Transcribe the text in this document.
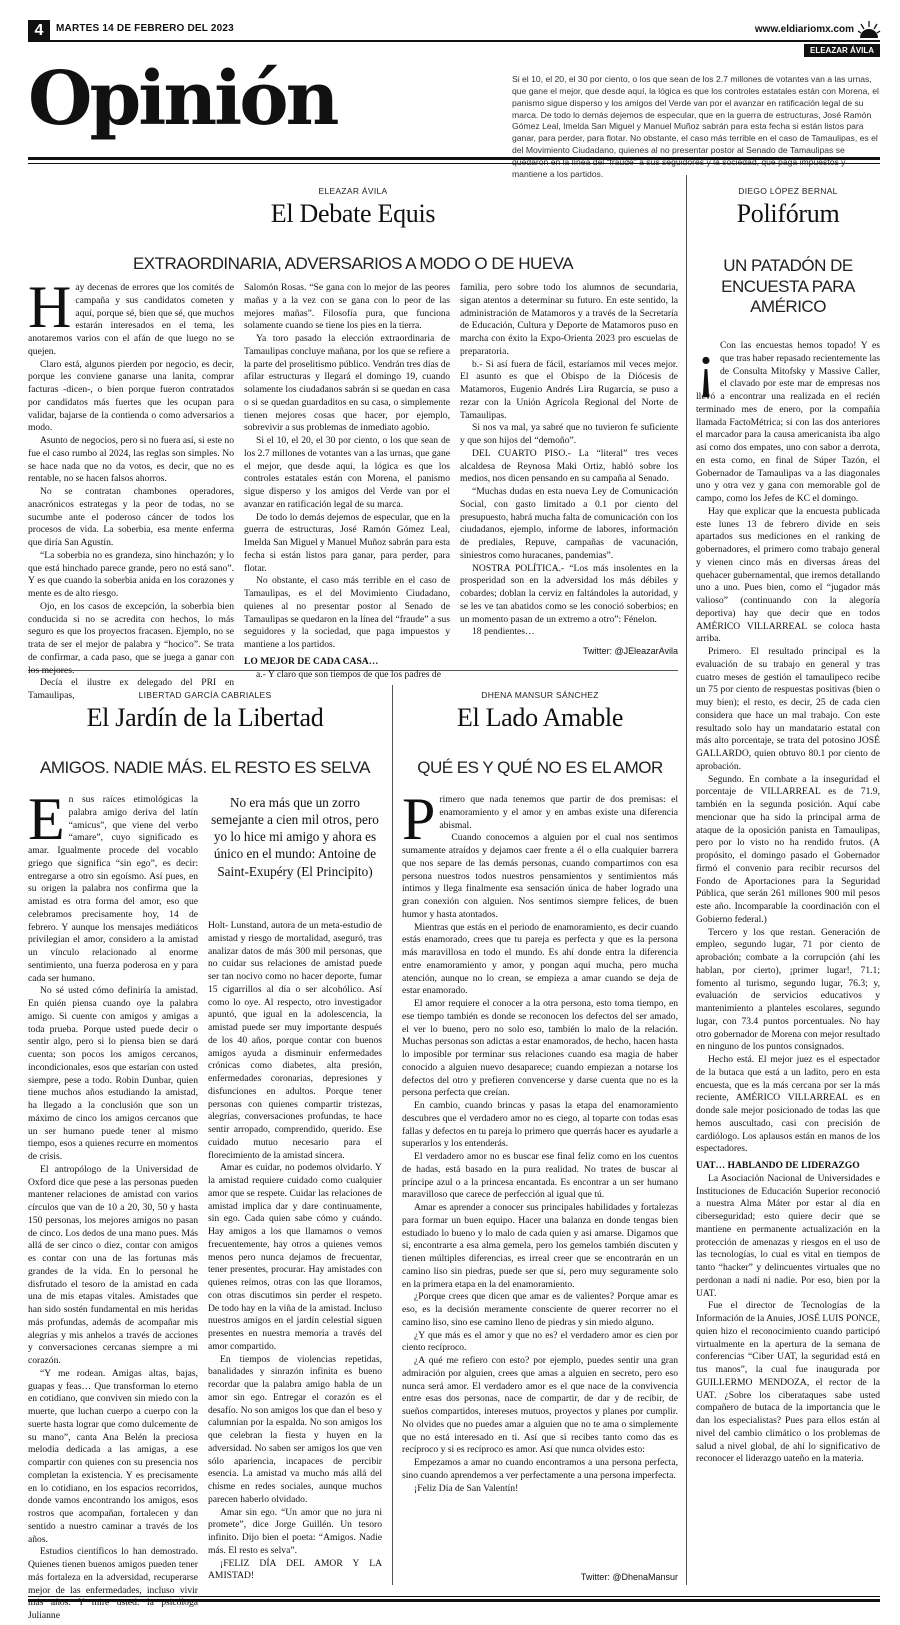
4	MARTES 14 DE FEBRERO DEL 2023	www.eldiariomx.com
ELEAZAR ÁVILA
Opinión	Si el 10, el 20, el 30 por ciento, o los que sean de los 2.7 millones de votantes van a las urnas, que gane el mejor, que desde aquí, la lógica es que los controles estatales están con Morena, el panismo sigue disperso y los amigos del Verde van por el avanzar en ratificación legal de su marca. De todo lo demás dejemos de especular, que en la guerra de estructuras, José Ramón Gómez Leal, Imelda San Miguel y Manuel Muñoz sabrán para esta fecha si están listos para ganar, para perder, para flotar. No obstante, el caso más terrible en el caso de Tamaulipas, es el del Movimiento Ciudadano, quienes al no presentar postor al Senado de Tamaulipas se mantiene a los partidos.
ELEAZAR ÁVILA
El Debate Equis
EXTRAORDINARIA, ADVERSARIOS A MODO O DE HUEVA
H ay decenas de errores que los comités de campaña y sus candidatos cometen y aquí, porque sé, bien que sé, que muchos estarán interesados en el tema, les anotaremos varios con el afán de que luego no se quejen.

Claro está, algunos pierden por negocio, es decir, porque les conviene ganarse una lanita, comprar facturas -dicen-, o bien porque fueron contratados por candidatos más fuertes que les ocupan para validar, bajarse de la contienda o como adversarios a modo.

Asunto de negocios, pero si no fuera así, si este no fue el caso rumbo al 2024, las reglas son simples. No se hace nada que no da votos, es decir, que no es rentable, no se hacen falsos ahorros.

No se contratan chambones operadores, anacrónicos estrategas y la peor de todas, no se sucumbe ante el poderoso cáncer de todos los procesos de vida. La soberbia, esa mente enferma que diría San Agustín.

“La soberbia no es grandeza, sino hinchazón; y lo que está hinchado parece grande, pero no está sano”. Y es que cuando la soberbia anida en los corazones y mente es de alto riesgo.

Ojo, en los casos de excepción, la soberbia bien conducida si no se acredita con hechos, lo más seguro es que los proyectos fracasen. Ejemplo, no se trata de ser el mejor de palabra y “hocico”. Se trata de confirmar, a cada paso, que se juega a ganar con los mejores.

Decía el ilustre ex delegado del PRI en Tamaulipas,

Salomón Rosas. “Se gana con lo mejor de las peores mañas y a la vez con se gana con lo peor de las mejores mañas”. Filosofía pura, que funciona solamente cuando se tiene los pies en la tierra.

Ya toro pasado la elección extraordinaria de Tamaulipas concluye mañana, por los que se refiere a la parte del proselitismo público. Vendrán tres días de afilar estructuras y llegará el domingo 19, cuando solamente los ciudadanos sabrán si se quedan en casa o si se quedan guardaditos en su casa, o simplemente tienen mejores cosas que hacer, por ejemplo, sobrevivir a sus problemas de inmediato agobio.

Si el 10, el 20, el 30 por ciento, o los que sean de los 2.7 millones de votantes van a las urnas, que gane el mejor, que desde aquí, la lógica es que los controles estatales están con Morena, el panismo sigue disperso y los amigos del Verde van por el avanzar en ratificación legal de su marca.

De todo lo demás dejemos de especular, que en la guerra de estructuras, José Ramón Gómez Leal, Imelda San Miguel y Manuel Muñoz sabrán para esta fecha si están listos para ganar, para perder, para flotar.

No obstante, el caso más terrible en el caso de Tamaulipas, es el del Movimiento Ciudadano, quienes al no presentar postor al Senado de Tamaulipas se quedaron en la línea del “fraude” a sus seguidores y la sociedad, que paga impuestos y mantiene a los partidos.

LO MEJOR DE CADA CASA…

a.- Y claro que son tiempos de que los padres de

familia, pero sobre todo los alumnos de secundaria, sigan atentos a determinar su futuro. En este sentido, la administración de Matamoros y a través de la Secretaría de Educación, Cultura y Deporte de Matamoros puso en marcha con éxito la Expo-Orienta 2023 pro escuelas de preparatoria.

b.- Si así fuera de fácil, estaríamos mil veces mejor. El asunto es que el Obispo de la Diócesis de Matamoros, Eugenio Andrés Lira Rugarcía, se puso a rezar con la Unión Agrícola Regional del Norte de Tamaulipas.

Si nos va mal, ya sabré que no tuvieron fe suficiente y que son hijos del “demoño”.

DEL CUARTO PISO.- La “literal” tres veces alcaldesa de Reynosa Maki Ortiz, habló sobre los medios, nos dicen pensando en su campaña al Senado.

“Muchas dudas en esta nueva Ley de Comunicación Social, con gasto limitado a 0.1 por ciento del presupuesto, habrá mucha falta de comunicación con los ciudadanos, ejemplo, informe de labores, información de prediales, Repuve, campañas de vacunación, siniestros como huracanes, pandemias”.

NOSTRA POLÍTICA.- “Los más insolentes en la prosperidad son en la adversidad los más débiles y cobardes; doblan la cerviz en faltándoles la autoridad, y se les ve tan abatidos como se les conoció soberbios; en un momento pasan de un extremo a otro”: Fénelon.

18 pendientes…

Twitter: @JEleazarAvila
DIEGO LÓPEZ BERNAL
Polifórum
UN PATADÓN DE ENCUESTA PARA AMÉRICO
¡ Con las encuestas hemos topado! Y es que tras haber repasado recientemente las de Consulta Mitofsky y Massive Caller, el clavado por este mar de empresas nos llevó a encontrar una realizada en el recién terminado mes de enero, por la compañía llamada FactoMétrica; si con las dos anteriores el marcador para la causa americanista iba algo así como dos empates, uno con sabor a derrota, en esta como, en final de Súper Tazón, el Gobernador de Tamaulipas va a las diagonales uno y otra vez y gana con memorable gol de campo, como los Jefes de KC el domingo.

Hay que explicar que la encuesta publicada este lunes 13 de febrero divide en seis apartados sus mediciones en el ranking de gobernadores, el primero como trabajo general y vienen cinco más en diversas áreas del quehacer gubernamental, que iremos detallando uno a uno. Pues bien, como el “jugador más valioso” (continuando con la alegoría deportiva) hay que decir que en todos AMÉRICO VILLARREAL se coloca hasta arriba.

Primero. El resultado principal es la evaluación de su trabajo en general y tras cuatro meses de gestión el tamaulipeco recibe un 75 por ciento de respuestas positivas (bien o muy bien); el resto, es decir, 25 de cada cien considera que hace un mal trabajo. Con este resultado solo hay un mandatario estatal con más alto porcentaje, se trata del potosino JOSÉ GALLARDO, quien obtuvo 80.1 por ciento de aprobación.

Segundo. En combate a la inseguridad el porcentaje de VILLARREAL es de 71.9, también en la segunda posición. Aquí cabe mencionar que ha sido la principal arma de ataque de la oposición panista en Tamaulipas, pero por lo visto no ha rendido frutos. (A propósito, el domingo pasado el Gobernador firmó el convenio para recibir recursos del Fondo de Aportaciones para la Seguridad Pública, que serán 261 millones 900 mil pesos este año. Incomparable la coordinación con el Gobierno federal.)

Tercero y los que restan. Generación de empleo, segundo lugar, 71 por ciento de aprobación; combate a la corrupción (ahí les hablan, por cierto), ¡primer lugar!, 71.1; fomento al turismo, segundo lugar, 76.3; y, evaluación de servicios educativos y mantenimiento a planteles escolares, segundo lugar, con 73.4 puntos porcentuales. No hay otro gobernador de Morena con mejor resultado en ninguno de los puntos consignados.

Hecho está. El mejor juez es el espectador de la butaca que está a un ladito, pero en esta encuesta, que es la más cercana por ser la más reciente, AMÉRICO VILLARREAL es en donde sale mejor posicionado de todas las que hemos auscultado, casi con precisión de cardiólogo. Los aplausos están en manos de los espectadores.

UAT… HABLANDO DE LIDERAZGO

La Asociación Nacional de Universidades e Instituciones de Educación Superior reconoció a nuestra Alma Máter por estar al día en ciberseguridad; esto quiere decir que se mantiene en permanente actualización en la protección de amenazas y riesgos en el uso de las tecnologías, lo cual es vital en tiempos de tanto “hacker” y delincuentes virtuales que no perdonan a nadi ni nadie. Por eso, bien por la UAT.

Fue el director de Tecnologías de la Información de la Anuies, JOSÉ LUIS PONCE, quien hizo el reconocimiento cuando participó virtualmente en la apertura de la semana de conferencias “Ciber UAT, la seguridad está en tus manos”, la cual fue inaugurada por GUILLERMO MENDOZA, el rector de la UAT. ¿Sobre los ciberataques sabe usted compañero de butaca de la importancia que le dan los especialistas? Pues para ellos están al nivel del cambio climático o los problemas de salud a nivel global, de ahí lo significativo de reconocer el liderazgo uateño en la materia.

LIBERTAD GARCÍA CABRIALES
El Jardín de la Libertad
AMIGOS. NADIE MÁS. EL RESTO ES SELVA
E n sus raíces etimológicas la palabra amigo deriva del latín “amicus”, que viene del verbo “amare”, cuyo significado es amar. Igualmente procede del vocablo griego que significa “sin ego”, es decir: entregarse a otro sin egoísmo. Así pues, en su origen la palabra nos confirma que la amistad es otra forma del amor, eso que celebramos precisamente hoy, 14 de febrero. Y aunque los mensajes mediáticos privilegian el amor, considero a la amistad un vínculo relacionado al enorme sentimiento, una fuerza poderosa en y para cada ser humano.

No sé usted cómo definiría la amistad. En quién piensa cuando oye la palabra amigo. Si cuente con amigos y amigas a toda prueba. Porque usted puede decir o sentir algo, pero si lo piensa bien se dará cuenta; son pocos los amigos cercanos, incondicionales, esos que estarían con usted siempre, pese a todo. Robin Dunbar, quien tiene muchos años estudiando la amistad, ha llegado a la conclusión que son un máximo de cinco los amigos cercanos que un ser humano puede tener al mismo tiempo, esos a quienes recurre en momentos de crisis.

El antropólogo de la Universidad de Oxford dice que pese a las personas pueden mantener relaciones de amistad con varios círculos que van de 10 a 20, 30, 50 y hasta 150 personas, los mejores amigos no pasan de cinco. Los dedos de una mano pues. Más allá de ser cinco o diez, contar con amigos es contar con una de las fortunas más grandes de la vida. En lo personal he disfrutado el tesoro de la amistad en cada una de mis etapas vitales. Amistades que han sido sostén fundamental en mis heridas más profundas, además de acompañar mis alegrías y mis anhelos a través de acciones y conversaciones cercanas siempre a mi corazón.

“Y me rodean. Amigas altas, bajas, guapas y feas… Que transforman lo eterno en cotidiano, que conviven sin miedo con la muerte, que luchan cuerpo a cuerpo con la suerte hasta lograr que como dulcemente de su mano”, canta Ana Belén la preciosa melodía dedicada a las amigas, a ese compartir con quienes con su presencia nos completan la existencia. Y es precisamente en lo cotidiano, en los espacios recorridos, donde vamos encontrando los amigos, esos rostros que acompañan, fortalecen y dan sentido a nuestro caminar a través de los años.

Estudios científicos lo han demostrado. Quienes tienen buenos amigos pueden tener más fortaleza en la adversidad, recuperarse mejor de las enfermedades, incluso vivir más años. Y mire usted: la psicóloga Julianne

No era más que un zorro semejante a cien mil otros, pero yo lo hice mi amigo y ahora es único en el mundo: Antoine de Saint-Exupéry (El Principito)

Holt- Lunstand, autora de un meta-estudio de amistad y riesgo de mortalidad, aseguró, tras analizar datos de más 300 mil personas, que no cuidar sus relaciones de amistad puede ser tan nocivo como no hacer deporte, fumar 15 cigarrillos al día o ser alcohólico. Así como lo oye. Al respecto, otro investigador apuntó, que igual en la adolescencia, la amistad puede ser muy importante después de los 40 años, porque contar con buenos amigos ayuda a disminuir enfermedades crónicas como diabetes, alta presión, enfermedades coronarias, depresiones y disfunciones en adultos. Porque tener personas con quienes compartir tristezas, alegrías, conversaciones profundas, te hace sentir arropado, comprendido, querido. Ese cuidado mutuo necesario para el florecimiento de la amistad sincera.

Amar es cuidar, no podemos olvidarlo. Y la amistad requiere cuidado como cualquier amor que se respete. Cuidar las relaciones de amistad implica dar y dare continuamente, sin ego. Cada quien sabe cómo y cuándo. Hay amigos a los que llamamos o vemos frecuentemente, hay otros a quienes vemos menos pero nunca dejamos de frecuentar, tener presentes, procurar. Hay amistades con quienes reímos, otras con las que lloramos, con otras discutimos sin perder el respeto. De todo hay en la viña de la amistad. Incluso nuestros amigos en el jardín celestial siguen presentes en nuestra memoria a través del amor compartido.

En tiempos de violencias repetidas, banalidades y sinrazón infinita es bueno recordar que la palabra amigo habla de un amor sin ego. Entregar el corazón es el desafío. No son amigos los que dan el beso y calumnian por la espalda. No son amigos los que celebran la fiesta y huyen en la adversidad. No saben ser amigos los que ven sólo apariencia, incapaces de percibir esencia. La amistad va mucho más allá del chisme en redes sociales, aunque muchos parecen haberlo olvidado.

Amar sin ego. “Un amor que no jura ni promete”, dice Jorge Guillén. Un tesoro infinito. Dijo bien el poeta: “Amigos. Nadie más. El resto es selva”.

¡FELIZ DÍA DEL AMOR Y LA AMISTAD!

DHENA MANSUR SÁNCHEZ
El Lado Amable
QUÉ ES Y QUÉ NO ES EL AMOR
P rimero que nada tenemos que partir de dos premisas: el enamoramiento y el amor y en ambas existe una diferencia abismal.

Cuando conocemos a alguien por el cual nos sentimos sumamente atraídos y dejamos caer frente a él o ella cualquier barrera que nos separe de las demás personas, cuando compartimos con esa persona nuestros todos nuestros pensamientos y sentimientos más íntimos y llega finalmente esa sensación única de haber logrado una gran conexión con alguien. Nos sentimos siempre felices, de buen humor y hasta atontados.

Mientras que estás en el periodo de enamoramiento, es decir cuando estás enamorado, crees que tu pareja es perfecta y que es la persona más maravillosa en todo el mundo. Es ahí donde entra la diferencia entre enamoramiento y amor, y pongan aquí mucha, pero mucha atención, aunque no lo crean, se empieza a amar cuando se deja de estar enamorado.

El amor requiere el conocer a la otra persona, esto toma tiempo, en ese tiempo también es donde se reconocen los defectos del ser amado, el ver lo bueno, pero no solo eso, también lo malo de la relación. Muchas personas son adictas a estar enamorados, de hecho, hacen hasta lo imposible por terminar sus relaciones cuando esa magia de haber conocido a alguien nuevo desaparece; cuando empiezan a notarse los defectos del otro y prefieren convencerse y darse cuenta que no es la persona perfecta que creían.

En cambio, cuando brincas y pasas la etapa del enamoramiento descubres que el verdadero amor no es ciego, al toparte con todas esas fallas y defectos en tu pareja lo primero que querrás hacer es ayudarle a superarlos y los entenderás.

El verdadero amor no es buscar ese final feliz como en los cuentos de hadas, está basado en la pura realidad. No trates de buscar al príncipe azul o a la princesa encantada. Es encontrar a un ser humano maravilloso que carece de perfección al igual que tú.

Amar es aprender a conocer sus principales habilidades y fortalezas para formar un buen equipo. Hacer una balanza en donde tengas bien estudiado lo bueno y lo malo de cada quien y asi amarse. Digamos que si, encontrarte a esa alma gemela, pero los gemelos también discuten y tienen múltiples diferencias, es irreal creer que se encontrarán en un camino liso sin piedras, puede ser que sí, pero muy seguramente solo en la primera etapa en la del enamoramiento.

¿Porque crees que dicen que amar es de valientes? Porque amar es eso, es la decisión meramente consciente de querer recorrer no el camino liso, sino ese camino lleno de piedras y sin miedo alguno.

¿Y que más es el amor y que no es? el verdadero amor es cien por ciento recíproco.

¿A qué me refiero con esto? por ejemplo, puedes sentir una gran admiración por alguien, crees que amas a alguien en secreto, pero eso nunca será amor. El verdadero amor es el que nace de la convivencia entre esas dos personas, nace de compartir, de dar y de recibir, de sueños compartidos, intereses mutuos, proyectos y planes por cumplir. No olvides que no puedes amar a alguien que no te ama o simplemente que no está interesado en ti. Así que si recibes tanto como das es recíproco y si es recíproco es amor. Así que nunca olvides esto:

Empezamos a amar no cuando encontramos a una persona perfecta, sino cuando aprendemos a ver perfectamente a una persona imperfecta.

¡Feliz Día de San Valentín!

Twitter: @DhenaMansur
